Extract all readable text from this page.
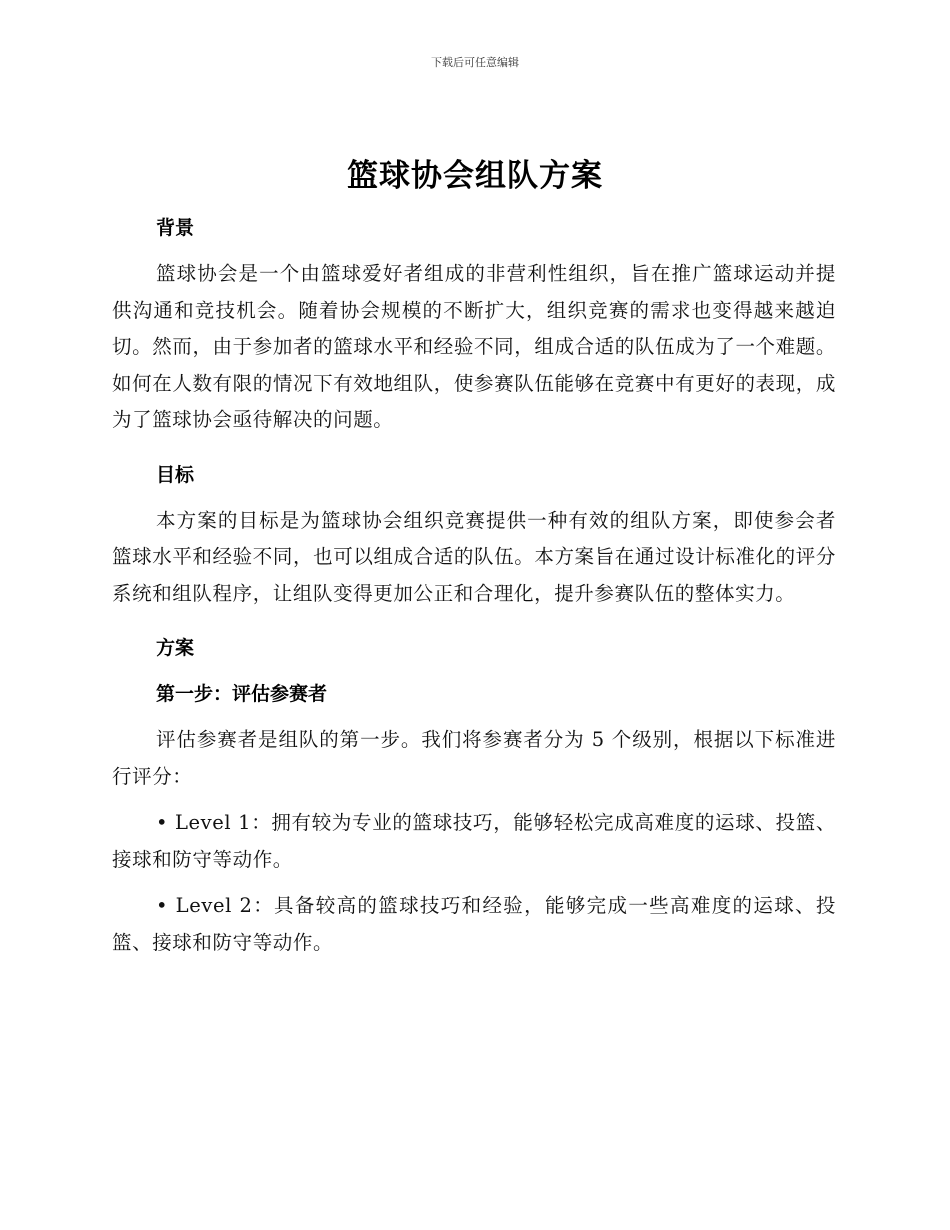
下载后可任意编辑
篮球协会组队方案
背景

篮球协会是一个由篮球爱好者组成的非营利性组织，旨在推广篮球运动并提供沟通和竞技机会。随着协会规模的不断扩大，组织竞赛的需求也变得越来越迫切。然而，由于参加者的篮球水平和经验不同，组成合适的队伍成为了一个难题。如何在人数有限的情况下有效地组队，使参赛队伍能够在竞赛中有更好的表现，成为了篮球协会亟待解决的问题。

目标

本方案的目标是为篮球协会组织竞赛提供一种有效的组队方案，即使参会者篮球水平和经验不同，也可以组成合适的队伍。本方案旨在通过设计标准化的评分系统和组队程序，让组队变得更加公正和合理化，提升参赛队伍的整体实力。

方案
第一步：评估参赛者

评估参赛者是组队的第一步。我们将参赛者分为 5 个级别，根据以下标准进行评分：

• Level 1：拥有较为专业的篮球技巧，能够轻松完成高难度的运球、投篮、接球和防守等动作。

• Level 2：具备较高的篮球技巧和经验，能够完成一些高难度的运球、投篮、接球和防守等动作。
